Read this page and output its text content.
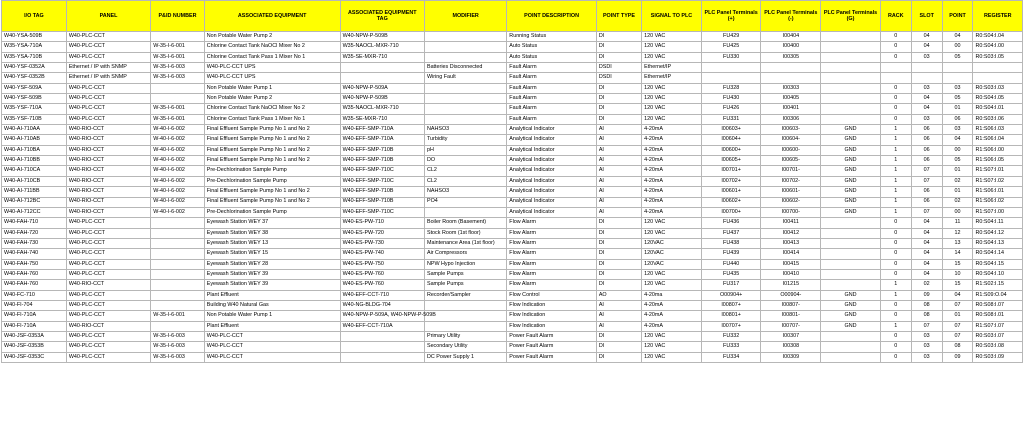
I/O TAG	PANEL	P&ID NUMBER	ASSOCIATED EQUIPMENT	ASSOCIATED EQUIPMENT TAG	MODIFIER	POINT DESCRIPTION	POINT TYPE	SIGNAL TO PLC	PLC Panel Terminals (+)	PLC Panel Terminals (-)	PLC Panel Terminals (G)	RACK	SLOT	POINT	REGISTER
W40-YSA-509B	W40-PLC-CCT		Non Potable Water Pump 2	W40-NPW-P-509B		Running Status	DI	120 VAC	FU429	I00404		0	04	04	R0:S04:I.04
W35-YSA-710A	W40-PLC-CCT	W-35-I-6-001	Chlorine Contact Tank NaOCl Mixer No 2	W35-NAOCL-MXR-710		Auto Status	DI	120 VAC	FU425	I00400		0	04	00	R0:S04:I.00
W35-YSA-710B	W40-PLC-CCT	W-35-I-6-001	Chlorine Contact Tank Pass 1 Mixer No 1	W35-SE-MXR-710		Auto Status	DI	120 VAC	FU330	I00305		0	03	05	R0:S03:I.05
W40-YSF-0352A	Ethernet / IP with SNMP	W-35-I-6-003	W40-PLC-CCT UPS		Batteries Disconnected	Fault Alarm	DSDI	Ethernet/IP							
W40-YSF-0352B	Ethernet / IP with SNMP	W-35-I-6-003	W40-PLC-CCT UPS		Wiring Fault	Fault Alarm	DSDI	Ethernet/IP							
W40-YSF-509A	W40-PLC-CCT		Non Potable Water Pump 1	W40-NPW-P-509A		Fault Alarm	DI	120 VAC	FU328	I00303		0	03	03	R0:S03:I.03
W40-YSF-509B	W40-PLC-CCT		Non Potable Water Pump 2	W40-NPW-P-509B		Fault Alarm	DI	120 VAC	FU430	I00405		0	04	05	R0:S04:I.05
W35-YSF-710A	W40-PLC-CCT	W-35-I-6-001	Chlorine Contact Tank NaOCl Mixer No 2	W35-NAOCL-MXR-710		Fault Alarm	DI	120 VAC	FU426	I00401		0	04	01	R0:S04:I.01
W35-YSF-710B	W40-PLC-CCT	W-35-I-6-001	Chlorine Contact Tank Pass 1 Mixer No 1	W35-SE-MXR-710		Fault Alarm	DI	120 VAC	FU331	I00306		0	03	06	R0:S03:I.06
W40-AI-710AA	W40-RIO-CCT	W-40-I-6-002	Final Effluent Sample Pump No 1 and No 2	W40-EFF-SMP-710A	NAHSO3	Analytical Indicator	AI	4-20mA	I00603+	I00603-	GND	1	06	03	R1:S06:I.03
W40-AI-710AB	W40-RIO-CCT	W-40-I-6-002	Final Effluent Sample Pump No 1 and No 2	W40-EFF-SMP-710A	Turbidity	Analytical Indicator	AI	4-20mA	I00604+	I00604-	GND	1	06	04	R1:S06:I.04
W40-AI-710BA	W40-RIO-CCT	W-40-I-6-002	Final Effluent Sample Pump No 1 and No 2	W40-EFF-SMP-710B	pH	Analytical Indicator	AI	4-20mA	I00600+	I00600-	GND	1	06	00	R1:S06:I.00
W40-AI-710BB	W40-RIO-CCT	W-40-I-6-002	Final Effluent Sample Pump No 1 and No 2	W40-EFF-SMP-710B	DO	Analytical Indicator	AI	4-20mA	I00605+	I00605-	GND	1	06	05	R1:S06:I.05
W40-AI-710CA	W40-RIO-CCT	W-40-I-6-002	Pre-Dechlorination Sample Pump	W40-EFF-SMP-710C	CL2	Analytical Indicator	AI	4-20mA	I00701+	I00701-	GND	1	07	01	R1:S07:I.01
W40-AI-710CB	W40-RIO-CCT	W-40-I-6-002	Pre-Dechlorination Sample Pump	W40-EFF-SMP-710C	CL2	Analytical Indicator	AI	4-20mA	I00702+	I00702-	GND	1	07	02	R1:S07:I.02
W40-AI-711BB	W40-RIO-CCT	W-40-I-6-002	Final Effluent Sample Pump No 1 and No 2	W40-EFF-SMP-710B	NAHSO3	Analytical Indicator	AI	4-20mA	I00601+	I00601-	GND	1	06	01	R1:S06:I.01
W40-AI-712BC	W40-RIO-CCT	W-40-I-6-002	Final Effluent Sample Pump No 1 and No 2	W40-EFF-SMP-710B	PO4	Analytical Indicator	AI	4-20mA	I00602+	I00602-	GND	1	06	02	R1:S06:I.02
W40-AI-712CC	W40-RIO-CCT	W-40-I-6-002	Pre-Dechlorination Sample Pump	W40-EFF-SMP-710C		Analytical Indicator	AI	4-20mA	I00700+	I00700-	GND	1	07	00	R1:S07:I.00
W40-FAH-710	W40-PLC-CCT		Eyewash Station WEY 37	W40-ES-PW-710	Boiler Room (Basement)	Flow Alarm	DI	120 VAC	FU436	I00411		0	04	11	R0:S04:I.11
W40-FAH-720	W40-PLC-CCT		Eyewash Station WEY 38	W40-ES-PW-720	Stock Room (1st floor)	Flow Alarm	DI	120 VAC	FU437	I00412		0	04	12	R0:S04:I.12
W40-FAH-730	W40-PLC-CCT		Eyewash Station WEY 13	W40-ES-PW-730	Maintenance Area (1st floor)	Flow Alarm	DI	120VAC	FU438	I00413		0	04	13	R0:S04:I.13
W40-FAH-740	W40-PLC-CCT		Eyewash Station WEY 15	W40-ES-PW-740	Air Compressors	Flow Alarm	DI	120VAC	FU439	I00414		0	04	14	R0:S04:I.14
W40-FAH-750	W40-PLC-CCT		Eyewash Station WEY 28	W40-ES-PW-750	NPW Hypo Injection	Flow Alarm	DI	120VAC	FU440	I00415		0	04	15	R0:S04:I.15
W40-FAH-760	W40-PLC-CCT		Eyewash Station WEY 39	W40-ES-PW-760	Sample Pumps	Flow Alarm	DI	120 VAC	FU435	I00410		0	04	10	R0:S04:I.10
W40-FAH-760	W40-RIO-CCT		Eyewash Station WEY 39	W40-ES-PW-760	Sample Pumps	Flow Alarm	DI	120 VAC	FU317	I01215		1	02	15	R1:S02:I.15
W40-FC-710	W40-PLC-CCT		Plant Effluent	W40-EFF-CCT-710	Recorder/Sampler	Flow Control	AO	4-20ma	O00904+	O00904-	GND	1	09	04	R1:S09:O.04
W40-FI-704	W40-PLC-CCT		Building W40 Natural Gas	W40-NG-BLDG-704		Flow Indication	AI	4-20mA	I00807+	I00807-	GND	0	08	07	R0:S08:I.07
W40-FI-710A	W40-PLC-CCT	W-35-I-6-001	Non Potable Water Pump 1	W40-NPW-P-509A, W40-NPW-P-509B		Flow Indication	AI	4-20mA	I00801+	I00801-	GND	0	08	01	R0:S08:I.01
W40-FI-710A	W40-RIO-CCT		Plant Effluent	W40-EFF-CCT-710A		Flow Indication	AI	4-20mA	I00707+	I00707-	GND	1	07	07	R1:S07:I.07
W40-JSF-0353A	W40-PLC-CCT	W-35-I-6-003	W40-PLC-CCT		Primary Utility	Power Fault Alarm	DI	120 VAC	FU332	I00307		0	03	07	R0:S03:I.07
W40-JSF-0353B	W40-PLC-CCT	W-35-I-6-003	W40-PLC-CCT		Secondary Utility	Power Fault Alarm	DI	120 VAC	FU333	I00308		0	03	08	R0:S03:I.08
W40-JSF-0353C	W40-PLC-CCT	W-35-I-6-003	W40-PLC-CCT		DC Power Supply 1	Power Fault Alarm	DI	120 VAC	FU334	I00309		0	03	09	R0:S03:I.09
